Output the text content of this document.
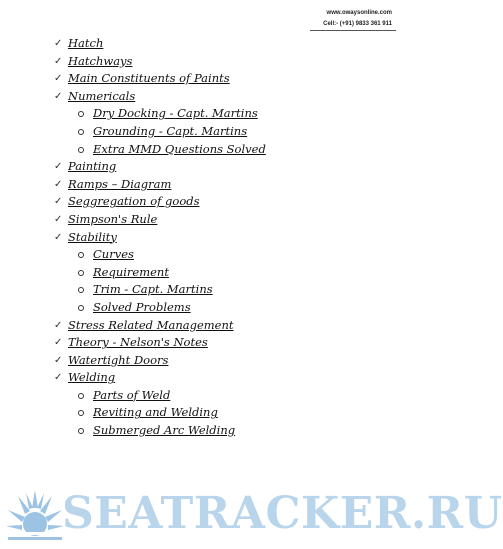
www.owaysonline.com
Cell:- (+91) 9833 361 911
✓ Hatch
✓ Hatchways
✓ Main Constituents of Paints
✓ Numericals
Dry Docking - Capt. Martins
Grounding - Capt. Martins
Extra MMD Questions Solved
✓ Painting
✓ Ramps – Diagram
✓ Seggregation of goods
✓ Simpson's Rule
✓ Stability
Curves
Requirement
Trim - Capt. Martins
Solved Problems
✓ Stress Related Management
✓ Theory - Nelson's Notes
✓ Watertight Doors
✓ Welding
Parts of Weld
Reviting and Welding
Submerged Arc Welding
SEATRACKER.RU
